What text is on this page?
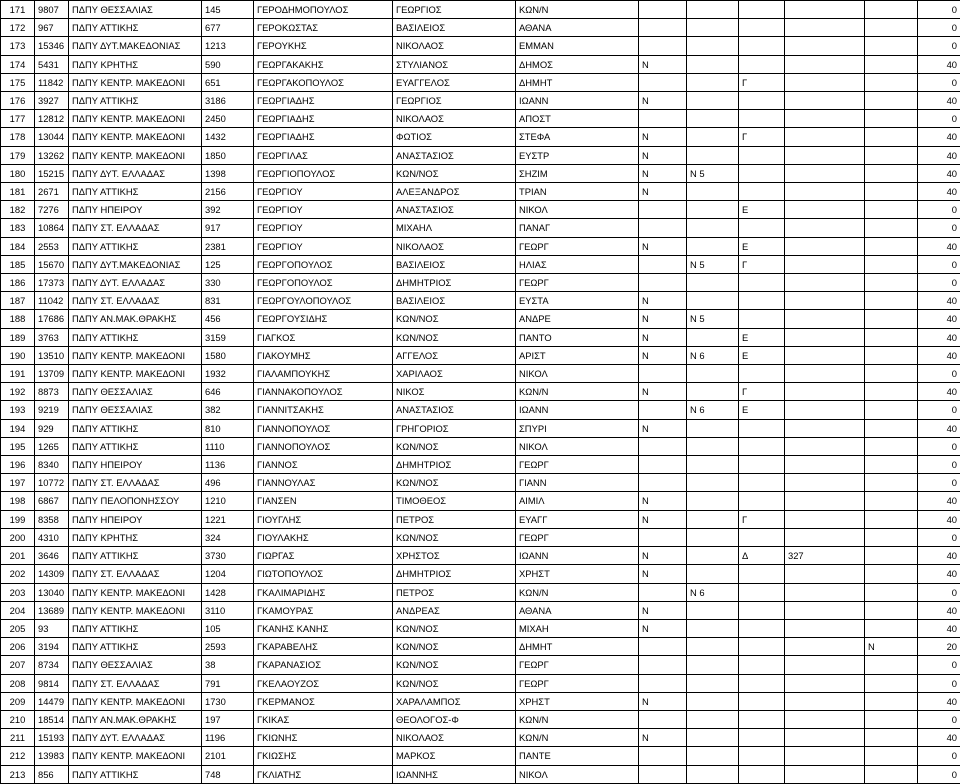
171	9807	ΠΔΠΥ ΘΕΣΣΑΛΙΑΣ	145	ΓΕΡΟΔΗΜΟΠΟΥΛΟΣ	ΓΕΩΡΓΙΟΣ	ΚΩΝ/Ν						0
172	967	ΠΔΠΥ ΑΤΤΙΚΗΣ	677	ΓΕΡΟΚΩΣΤΑΣ	ΒΑΣΙΛΕΙΟΣ	ΑΘΑΝΑ						0
173	15346	ΠΔΠΥ ΔΥΤ.ΜΑΚΕΔΟΝΙΑΣ	1213	ΓΕΡΟΥΚΗΣ	ΝΙΚΟΛΑΟΣ	ΕΜΜΑΝ						0
174	5431	ΠΔΠΥ ΚΡΗΤΗΣ	590	ΓΕΩΡΓΑΚΑΚΗΣ	ΣΤΥΛΙΑΝΟΣ	ΔΗΜΟΣ	Ν					40
175	11842	ΠΔΠΥ ΚΕΝΤΡ. ΜΑΚΕΔΟΝΙ	651	ΓΕΩΡΓΑΚΟΠΟΥΛΟΣ	ΕΥΑΓΓΕΛΟΣ	ΔΗΜΗΤ			Γ			0
176	3927	ΠΔΠΥ ΑΤΤΙΚΗΣ	3186	ΓΕΩΡΓΙΑΔΗΣ	ΓΕΩΡΓΙΟΣ	ΙΩΑΝΝ	Ν					40
177	12812	ΠΔΠΥ ΚΕΝΤΡ. ΜΑΚΕΔΟΝΙ	2450	ΓΕΩΡΓΙΑΔΗΣ	ΝΙΚΟΛΑΟΣ	ΑΠΟΣΤ						0
178	13044	ΠΔΠΥ ΚΕΝΤΡ. ΜΑΚΕΔΟΝΙ	1432	ΓΕΩΡΓΙΑΔΗΣ	ΦΩΤΙΟΣ	ΣΤΕΦΑ	Ν		Γ			40
179	13262	ΠΔΠΥ ΚΕΝΤΡ. ΜΑΚΕΔΟΝΙ	1850	ΓΕΩΡΓΙΛΑΣ	ΑΝΑΣΤΑΣΙΟΣ	ΕΥΣΤΡ	Ν					40
180	15215	ΠΔΠΥ ΔΥΤ. ΕΛΛΑΔΑΣ	1398	ΓΕΩΡΓΙΟΠΟΥΛΟΣ	ΚΩΝ/ΝΟΣ	ΣΗΖΙΜ	Ν	Ν 5				40
181	2671	ΠΔΠΥ ΑΤΤΙΚΗΣ	2156	ΓΕΩΡΓΙΟΥ	ΑΛΕΞΑΝΔΡΟΣ	ΤΡΙΑΝ	Ν					40
182	7276	ΠΔΠΥ ΗΠΕΙΡΟΥ	392	ΓΕΩΡΓΙΟΥ	ΑΝΑΣΤΑΣΙΟΣ	ΝΙΚΟΛ			Ε			0
183	10864	ΠΔΠΥ ΣΤ. ΕΛΛΑΔΑΣ	917	ΓΕΩΡΓΙΟΥ	ΜΙΧΑΗΛ	ΠΑΝΑΓ						0
184	2553	ΠΔΠΥ ΑΤΤΙΚΗΣ	2381	ΓΕΩΡΓΙΟΥ	ΝΙΚΟΛΑΟΣ	ΓΕΩΡΓ	Ν		Ε			40
185	15670	ΠΔΠΥ ΔΥΤ.ΜΑΚΕΔΟΝΙΑΣ	125	ΓΕΩΡΓΟΠΟΥΛΟΣ	ΒΑΣΙΛΕΙΟΣ	ΗΛΙΑΣ		Ν 5	Γ			0
186	17373	ΠΔΠΥ ΔΥΤ. ΕΛΛΑΔΑΣ	330	ΓΕΩΡΓΟΠΟΥΛΟΣ	ΔΗΜΗΤΡΙΟΣ	ΓΕΩΡΓ						0
187	11042	ΠΔΠΥ ΣΤ. ΕΛΛΑΔΑΣ	831	ΓΕΩΡΓΟΥΛΟΠΟΥΛΟΣ	ΒΑΣΙΛΕΙΟΣ	ΕΥΣΤΑ	Ν					40
188	17686	ΠΔΠΥ ΑΝ.ΜΑΚ.ΘΡΑΚΗΣ	456	ΓΕΩΡΓΟΥΣΙΔΗΣ	ΚΩΝ/ΝΟΣ	ΑΝΔΡΕ	Ν	Ν 5				40
189	3763	ΠΔΠΥ ΑΤΤΙΚΗΣ	3159	ΓΙΑΓΚΟΣ	ΚΩΝ/ΝΟΣ	ΠΑΝΤΟ	Ν		Ε			40
190	13510	ΠΔΠΥ ΚΕΝΤΡ. ΜΑΚΕΔΟΝΙ	1580	ΓΙΑΚΟΥΜΗΣ	ΑΓΓΕΛΟΣ	ΑΡΙΣΤ	Ν	Ν 6	Ε			40
191	13709	ΠΔΠΥ ΚΕΝΤΡ. ΜΑΚΕΔΟΝΙ	1932	ΓΙΑΛΑΜΠΟΥΚΗΣ	ΧΑΡΙΛΑΟΣ	ΝΙΚΟΛ						0
192	8873	ΠΔΠΥ ΘΕΣΣΑΛΙΑΣ	646	ΓΙΑΝΝΑΚΟΠΟΥΛΟΣ	ΝΙΚΟΣ	ΚΩΝ/Ν	Ν		Γ			40
193	9219	ΠΔΠΥ ΘΕΣΣΑΛΙΑΣ	382	ΓΙΑΝΝΙΤΣΑΚΗΣ	ΑΝΑΣΤΑΣΙΟΣ	ΙΩΑΝΝ		Ν 6	Ε			0
194	929	ΠΔΠΥ ΑΤΤΙΚΗΣ	810	ΓΙΑΝΝΟΠΟΥΛΟΣ	ΓΡΗΓΟΡΙΟΣ	ΣΠΥΡΙ	Ν					40
195	1265	ΠΔΠΥ ΑΤΤΙΚΗΣ	1110	ΓΙΑΝΝΟΠΟΥΛΟΣ	ΚΩΝ/ΝΟΣ	ΝΙΚΟΛ						0
196	8340	ΠΔΠΥ ΗΠΕΙΡΟΥ	1136	ΓΙΑΝΝΟΣ	ΔΗΜΗΤΡΙΟΣ	ΓΕΩΡΓ						0
197	10772	ΠΔΠΥ ΣΤ. ΕΛΛΑΔΑΣ	496	ΓΙΑΝΝΟΥΛΑΣ	ΚΩΝ/ΝΟΣ	ΓΙΑΝΝ						0
198	6867	ΠΔΠΥ ΠΕΛΟΠΟΝΗΣΣΟΥ	1210	ΓΙΑΝΣΕΝ	ΤΙΜΟΘΕΟΣ	ΑΙΜΙΛ	Ν					40
199	8358	ΠΔΠΥ ΗΠΕΙΡΟΥ	1221	ΓΙΟΥΓΛΗΣ	ΠΕΤΡΟΣ	ΕΥΑΓΓ	Ν		Γ			40
200	4310	ΠΔΠΥ ΚΡΗΤΗΣ	324	ΓΙΟΥΛΑΚΗΣ	ΚΩΝ/ΝΟΣ	ΓΕΩΡΓ						0
201	3646	ΠΔΠΥ ΑΤΤΙΚΗΣ	3730	ΓΙΩΡΓΑΣ	ΧΡΗΣΤΟΣ	ΙΩΑΝΝ	Ν		Δ	327		40
202	14309	ΠΔΠΥ ΣΤ. ΕΛΛΑΔΑΣ	1204	ΓΙΩΤΟΠΟΥΛΟΣ	ΔΗΜΗΤΡΙΟΣ	ΧΡΗΣΤ	Ν					40
203	13040	ΠΔΠΥ ΚΕΝΤΡ. ΜΑΚΕΔΟΝΙ	1428	ΓΚΑΛΙΜΑΡΙΔΗΣ	ΠΕΤΡΟΣ	ΚΩΝ/Ν		Ν 6				0
204	13689	ΠΔΠΥ ΚΕΝΤΡ. ΜΑΚΕΔΟΝΙ	3110	ΓΚΑΜΟΥΡΑΣ	ΑΝΔΡΕΑΣ	ΑΘΑΝΑ	Ν					40
205	93	ΠΔΠΥ ΑΤΤΙΚΗΣ	105	ΓΚΑΝΗΣ ΚΑΝΗΣ	ΚΩΝ/ΝΟΣ	ΜΙΧΑΗ	Ν					40
206	3194	ΠΔΠΥ ΑΤΤΙΚΗΣ	2593	ΓΚΑΡΑΒΕΛΗΣ	ΚΩΝ/ΝΟΣ	ΔΗΜΗΤ					Ν	20
207	8734	ΠΔΠΥ ΘΕΣΣΑΛΙΑΣ	38	ΓΚΑΡΑΝΑΣΙΟΣ	ΚΩΝ/ΝΟΣ	ΓΕΩΡΓ						0
208	9814	ΠΔΠΥ ΣΤ. ΕΛΛΑΔΑΣ	791	ΓΚΕΛΑΟΥΖΟΣ	ΚΩΝ/ΝΟΣ	ΓΕΩΡΓ						0
209	14479	ΠΔΠΥ ΚΕΝΤΡ. ΜΑΚΕΔΟΝΙ	1730	ΓΚΕΡΜΑΝΟΣ	ΧΑΡΑΛΑΜΠΟΣ	ΧΡΗΣΤ	Ν					40
210	18514	ΠΔΠΥ ΑΝ.ΜΑΚ.ΘΡΑΚΗΣ	197	ΓΚΙΚΑΣ	ΘΕΟΛΟΓΟΣ-Φ	ΚΩΝ/Ν						0
211	15193	ΠΔΠΥ ΔΥΤ. ΕΛΛΑΔΑΣ	1196	ΓΚΙΩΝΗΣ	ΝΙΚΟΛΑΟΣ	ΚΩΝ/Ν	Ν					40
212	13983	ΠΔΠΥ ΚΕΝΤΡ. ΜΑΚΕΔΟΝΙ	2101	ΓΚΙΩΣΗΣ	ΜΑΡΚΟΣ	ΠΑΝΤΕ						0
213	856	ΠΔΠΥ ΑΤΤΙΚΗΣ	748	ΓΚΛΙΑΤΗΣ	ΙΩΑΝΝΗΣ	ΝΙΚΟΛ						0
